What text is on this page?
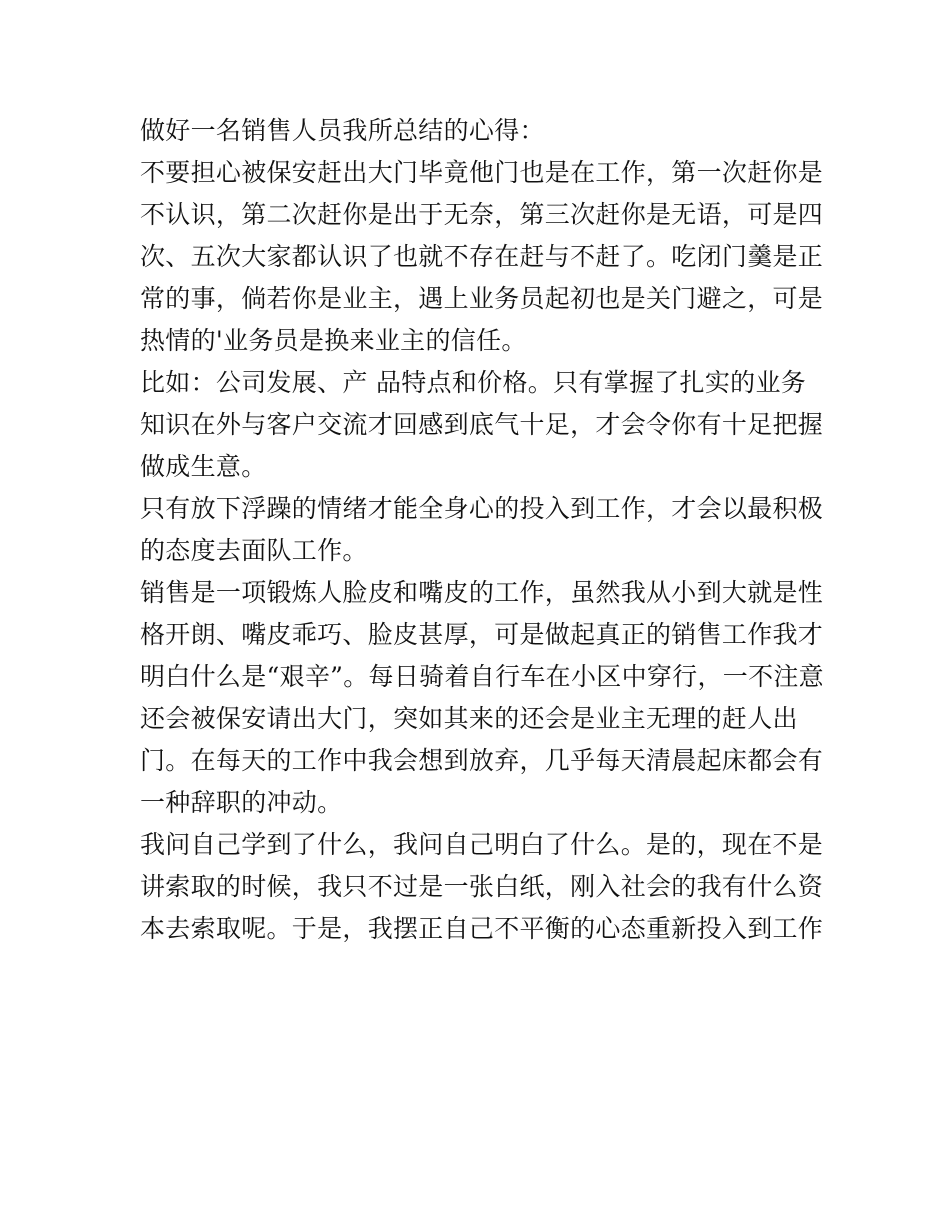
做好一名销售人员我所总结的心得：
不要担心被保安赶出大门毕竟他门也是在工作，第一次赶你是
不认识，第二次赶你是出于无奈，第三次赶你是无语，可是四
次、五次大家都认识了也就不存在赶与不赶了。吃闭门羹是正
常的事，倘若你是业主，遇上业务员起初也是关门避之，可是
热情的'业务员是换来业主的信任。
比如：公司发展、产 品特点和价格。只有掌握了扎实的业务
知识在外与客户交流才回感到底气十足，才会令你有十足把握
做成生意。
只有放下浮躁的情绪才能全身心的投入到工作，才会以最积极
的态度去面队工作。
销售是一项锻炼人脸皮和嘴皮的工作，虽然我从小到大就是性
格开朗、嘴皮乖巧、脸皮甚厚，可是做起真正的销售工作我才
明白什么是“艰辛”。每日骑着自行车在小区中穿行，一不注意
还会被保安请出大门，突如其来的还会是业主无理的赶人出
门。在每天的工作中我会想到放弃，几乎每天清晨起床都会有
一种辞职的冲动。
我问自己学到了什么，我问自己明白了什么。是的，现在不是
讲索取的时候，我只不过是一张白纸，刚入社会的我有什么资
本去索取呢。于是，我摆正自己不平衡的心态重新投入到工作
